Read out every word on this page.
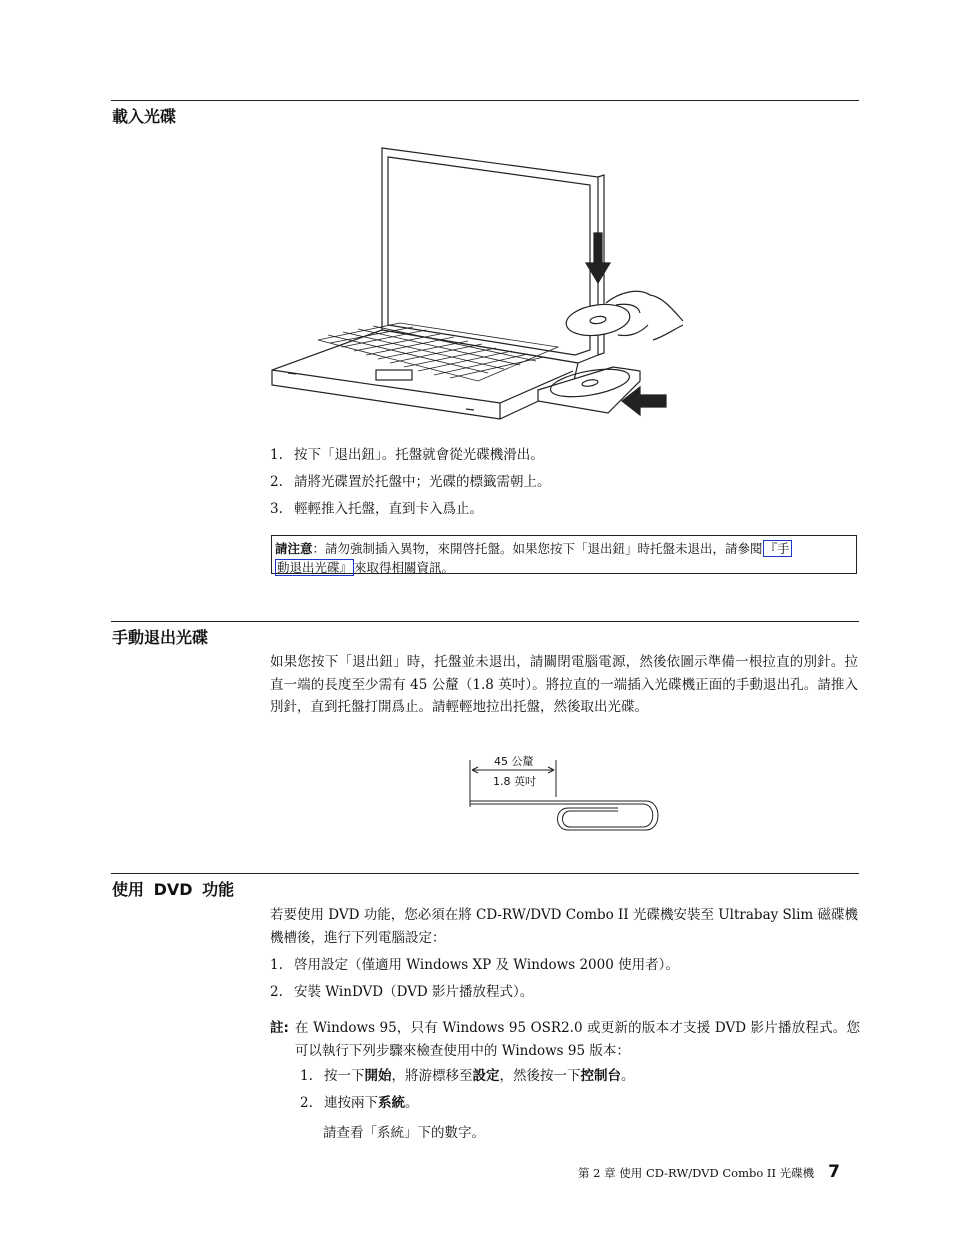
載入光碟
1. 按下「退出鈕」。托盤就會從光碟機滑出。
2. 請將光碟置於托盤中；光碟的標籤需朝上。
3. 輕輕推入托盤，直到卡入爲止。
請注意：請勿強制插入異物，來開啓托盤。如果您按下「退出鈕」時托盤未退出，請參閱 『手
動退出光碟』 來取得相關資訊。
手動退出光碟

如果您按下「退出鈕」時，托盤並未退出，請關閉電腦電源，然後依圖示準備一根拉直的別針。拉直一端的長度至少需有 45 公釐（1.8 英吋）。將拉直的一端插入光碟機正面的手動退出孔。請推入別針，直到托盤打開爲止。請輕輕地拉出托盤，然後取出光碟。

45 公釐
1.8 英吋
使用 DVD 功能

若要使用 DVD 功能，您必須在將 CD-RW/DVD Combo II 光碟機安裝至 Ultrabay Slim 磁碟機機槽後，進行下列電腦設定：

1. 啓用設定（僅適用 Windows XP 及 Windows 2000 使用者）。
2. 安裝 WinDVD（DVD 影片播放程式）。
註: 在 Windows 95，只有 Windows 95 OSR2.0 或更新的版本才支援 DVD 影片播放程式。您可以執行下列步驟來檢查使用中的 Windows 95 版本：
1. 按一下開始，將游標移至設定，然後按一下控制台。
2. 連按兩下系統。
請查看「系統」下的數字。
第 2 章 使用 CD-RW/DVD Combo II 光碟機 7
